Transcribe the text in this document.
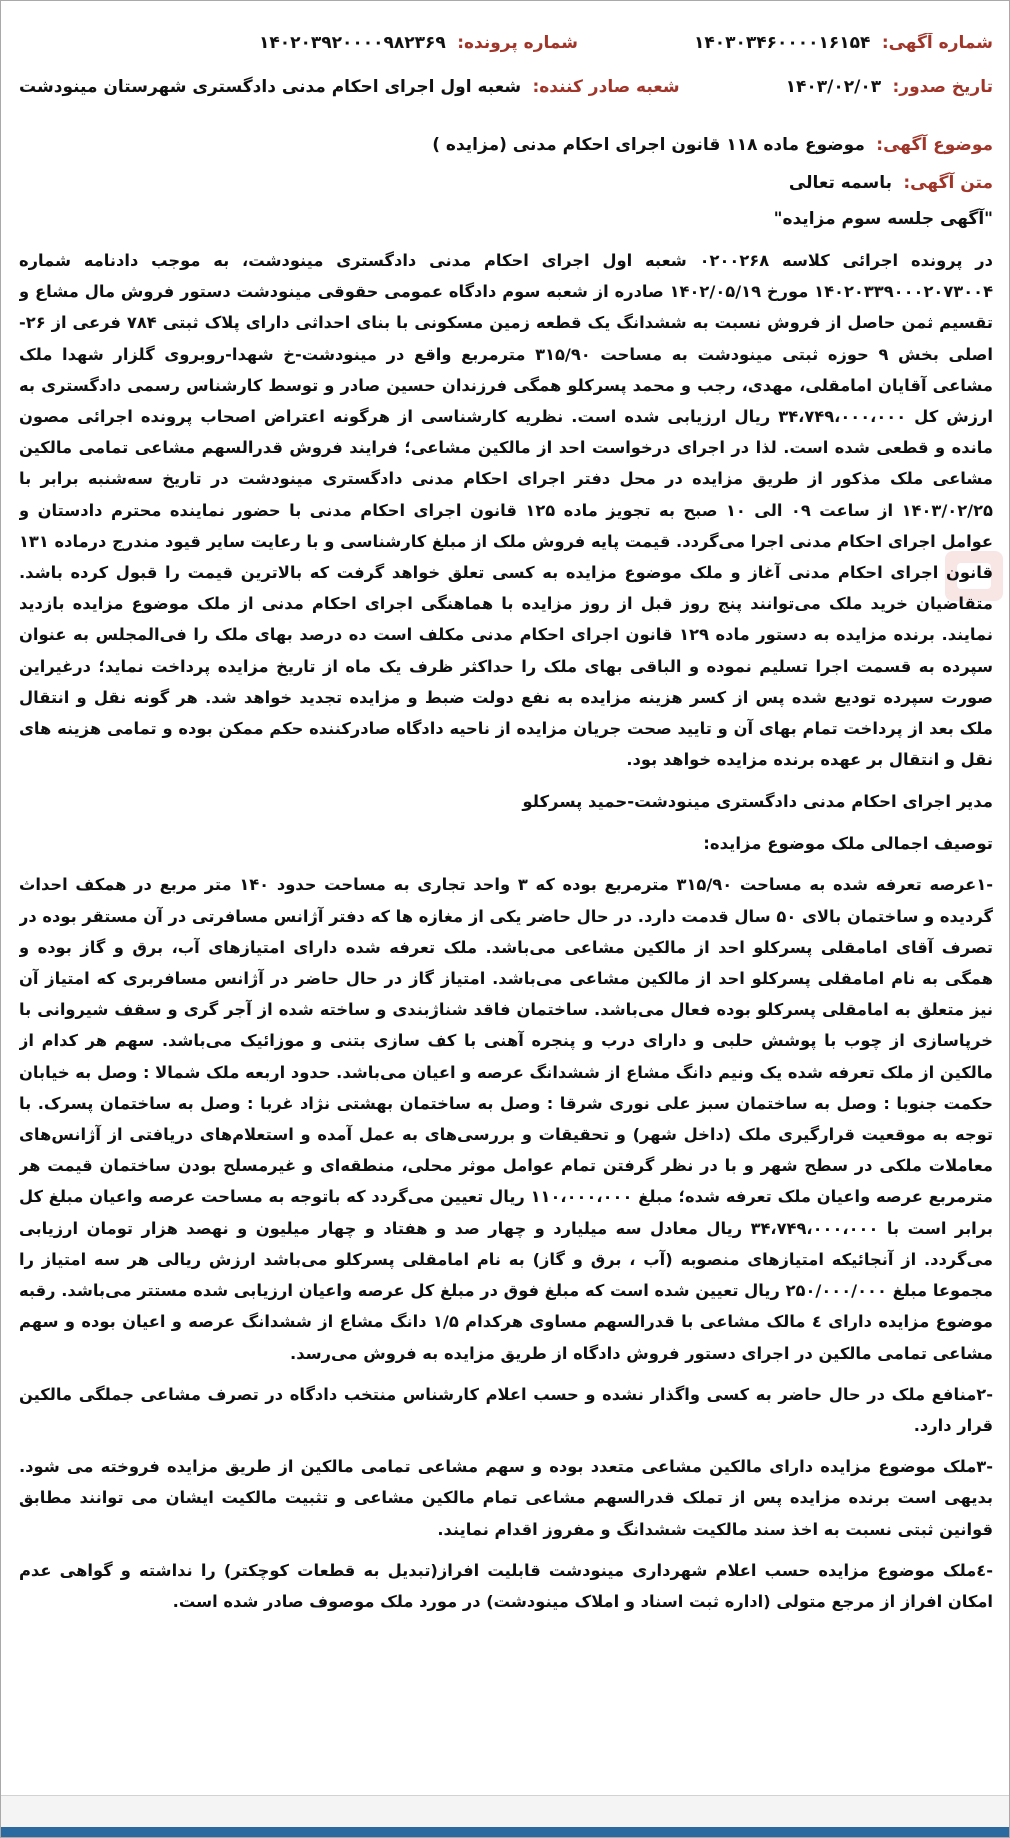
شماره آگهی: ۱۴۰۳۰۳۴۶۰۰۰۰۱۶۱۵۴
شماره پرونده: ۱۴۰۲۰۳۹۲۰۰۰۰۹۸۲۳۶۹
تاریخ صدور: ۱۴۰۳/۰۲/۰۳
شعبه صادر کننده: شعبه اول اجرای احکام مدنی دادگستری شهرستان مینودشت
موضوع آگهی: موضوع ماده ۱۱۸ قانون اجرای احکام مدنی (مزایده )
متن آگهی: باسمه تعالی
"آگهی جلسه سوم مزایده"

در پرونده اجرائی کلاسه ۰۲۰۰۲۶۸ شعبه اول اجرای احکام مدنی دادگستری مینودشت، به موجب دادنامه شماره ۱۴۰۲۰۳۳۹۰۰۰۲۰۷۳۰۰۴ مورخ ۱۴۰۲/۰۵/۱۹ صادره از شعبه سوم دادگاه عمومی حقوقی مینودشت دستور فروش مال مشاع و تقسیم ثمن حاصل از فروش نسبت به ششدانگ یک قطعه زمین مسکونی با بنای احداثی دارای پلاک ثبتی ۷۸۴ فرعی از ۲۶- اصلی بخش ۹ حوزه ثبتی مینودشت به مساحت ۳۱۵/۹۰ مترمربع واقع در مینودشت-خ شهدا-روبروی گلزار شهدا ملک مشاعی آقایان امامقلی، مهدی، رجب و محمد پسرکلو همگی فرزندان حسین صادر و توسط کارشناس رسمی دادگستری به ارزش کل ۳۴،۷۴۹،۰۰۰،۰۰۰ ریال ارزیابی شده است. نظریه کارشناسی از هرگونه اعتراض اصحاب پرونده اجرائی مصون مانده و قطعی شده است. لذا در اجرای درخواست احد از مالکین مشاعی؛ فرایند فروش قدرالسهم مشاعی تمامی مالکین مشاعی ملک مذکور از طریق مزایده در محل دفتر اجرای احکام مدنی دادگستری مینودشت در تاریخ سه‌شنبه برابر با ۱۴۰۳/۰۲/۲۵ از ساعت ۰۹ الی ۱۰ صبح به تجویز ماده ۱۲۵ قانون اجرای احکام مدنی با حضور نماینده محترم دادستان و عوامل اجرای احکام مدنی اجرا می‌گردد. قیمت پایه فروش ملک از مبلغ کارشناسی و با رعایت سایر قیود مندرج درماده ۱۳۱ قانون اجرای احکام مدنی آغاز و ملک موضوع مزایده به کسی تعلق خواهد گرفت که بالاترین قیمت را قبول کرده باشد. متقاضیان خرید ملک می‌توانند پنج روز قبل از روز مزایده با هماهنگی اجرای احکام مدنی از ملک موضوع مزایده بازدید نمایند. برنده مزایده به دستور ماده ۱۲۹ قانون اجرای احکام مدنی مکلف است ده درصد بهای ملک را فی‌المجلس به عنوان سپرده به قسمت اجرا تسلیم نموده و الباقی بهای ملک را حداکثر ظرف یک ماه از تاریخ مزایده پرداخت نماید؛ درغیراین صورت سپرده تودیع شده پس از کسر هزینه مزایده به نفع دولت ضبط و مزایده تجدید خواهد شد. هر گونه نقل و انتقال ملک بعد از پرداخت تمام بهای آن و تایید صحت جریان مزایده از ناحیه دادگاه صادرکننده حکم ممکن بوده و تمامی هزینه های نقل و انتقال بر عهده برنده مزایده خواهد بود.

مدیر اجرای احکام مدنی دادگستری مینودشت-حمید پسرکلو
توصیف اجمالی ملک موضوع مزایده:

-۱عرصه تعرفه شده به مساحت ۳۱۵/۹۰ مترمربع بوده که ۳ واحد تجاری به مساحت حدود ۱۴۰ متر مربع در همکف احداث گردیده و ساختمان بالای ۵۰ سال قدمت دارد. در حال حاضر یکی از مغازه ها که دفتر آژانس مسافرتی در آن مستقر بوده در تصرف آقای امامقلی پسرکلو احد از مالکین مشاعی می‌باشد. ملک تعرفه شده دارای امتیازهای آب، برق و گاز بوده و همگی به نام امامقلی پسرکلو احد از مالکین مشاعی می‌باشد. امتیاز گاز در حال حاضر در آژانس مسافربری که امتیاز آن نیز متعلق به امامقلی پسرکلو بوده فعال می‌باشد. ساختمان فاقد شناژبندی و ساخته شده از آجر گری و سقف شیروانی با خرپاسازی از چوب با پوشش حلبی و دارای درب و پنجره آهنی با کف سازی بتنی و موزائیک می‌باشد. سهم هر کدام از مالکین از ملک تعرفه شده یک ونیم دانگ مشاع از ششدانگ عرصه و اعیان می‌باشد. حدود اربعه ملک شمالا : وصل به خیابان حکمت جنوبا : وصل به ساختمان سبز علی نوری شرقا : وصل به ساختمان بهشتی نژاد غربا : وصل به ساختمان پسرک. با توجه به موقعیت قرارگیری ملک (داخل شهر) و تحقیقات و بررسی‌های به عمل آمده و استعلام‌های دریافتی از آژانس‌های معاملات ملکی در سطح شهر و با در نظر گرفتن تمام عوامل موثر محلی، منطقه‌ای و غیرمسلح بودن ساختمان قیمت هر مترمربع عرصه واعیان ملک تعرفه شده؛ مبلغ ۱۱۰،۰۰۰،۰۰۰ ریال تعیین می‌گردد که باتوجه به مساحت عرصه واعیان مبلغ کل برابر است با ۳۴،۷۴۹،۰۰۰،۰۰۰ ریال معادل سه میلیارد و چهار صد و هفتاد و چهار میلیون و نهصد هزار تومان ارزیابی می‌گردد. از آنجائیکه امتیازهای منصوبه (آب ، برق و گاز) به نام امامقلی پسرکلو می‌باشد ارزش ریالی هر سه امتیاز را مجموعا مبلغ ۲۵۰/۰۰۰/۰۰۰ ریال تعیین شده است که مبلغ فوق در مبلغ کل عرصه واعیان ارزیابی شده مستتر می‌باشد. رقبه موضوع مزایده دارای ٤ مالک مشاعی با قدرالسهم مساوی هرکدام ۱/۵ دانگ مشاع از ششدانگ عرصه و اعیان بوده و سهم مشاعی تمامی مالکین در اجرای دستور فروش دادگاه از طریق مزایده به فروش می‌رسد.

-۲منافع ملک در حال حاضر به کسی واگذار نشده و حسب اعلام کارشناس منتخب دادگاه در تصرف مشاعی جملگی مالکین قرار دارد.

-۳ملک موضوع مزایده دارای مالکین مشاعی متعدد بوده و سهم مشاعی تمامی مالکین از طریق مزایده فروخته می شود. بدیهی است برنده مزایده پس از تملک قدرالسهم مشاعی تمام مالکین مشاعی و تثبیت مالکیت ایشان می توانند مطابق قوانین ثبتی نسبت به اخذ سند مالکیت ششدانگ و مفروز اقدام نمایند.

-٤ملک موضوع مزایده حسب اعلام شهرداری مینودشت قابلیت افراز(تبدیل به قطعات کوچکتر) را نداشته و گواهی عدم امکان افراز از مرجع متولی (اداره ثبت اسناد و املاک مینودشت) در مورد ملک موصوف صادر شده است.
